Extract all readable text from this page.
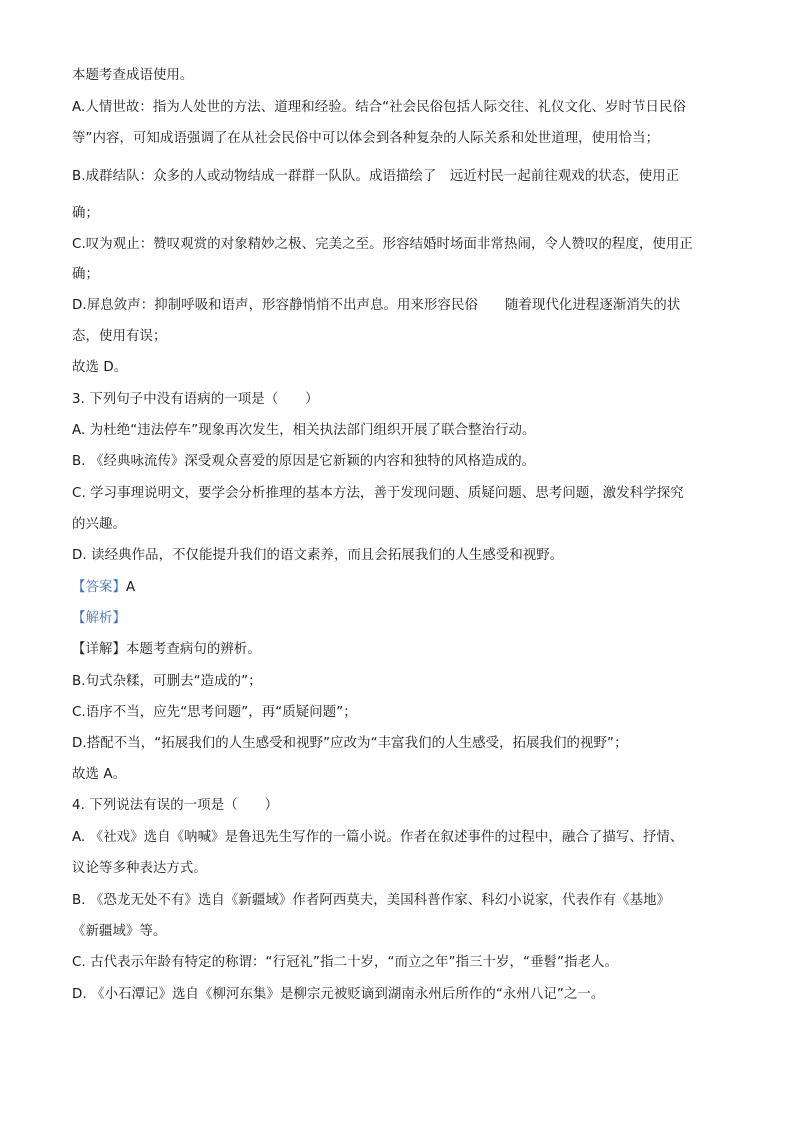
本题考查成语使用。
A.人情世故：指为人处世的方法、道理和经验。结合“社会民俗包括人际交往、礼仪文化、岁时节日民俗
等”内容，可知成语强调了在从社会民俗中可以体会到各种复杂的人际关系和处世道理，使用恰当；
B.成群结队：众多的人或动物结成一群群一队队。成语描绘了　远近村民一起前往观戏的状态，使用正
确；
C.叹为观止：赞叹观赏的对象精妙之极、完美之至。形容结婚时场面非常热闹，令人赞叹的程度，使用正
确；
D.屏息敛声：抑制呼吸和语声，形容静悄悄不出声息。用来形容民俗　　随着现代化进程逐渐消失的状
态，使用有误；
故选 D。
3. 下列句子中没有语病的一项是（　　）
A. 为杜绝“违法停车”现象再次发生，相关执法部门组织开展了联合整治行动。
B. 《经典咏流传》深受观众喜爱的原因是它新颖的内容和独特的风格造成的。
C. 学习事理说明文，要学会分析推理的基本方法，善于发现问题、质疑问题、思考问题，激发科学探究
的兴趣。
D. 读经典作品，不仅能提升我们的语文素养，而且会拓展我们的人生感受和视野。
【答案】A
【解析】
【详解】本题考查病句的辨析。
B.句式杂糅，可删去“造成的”；
C.语序不当，应先“思考问题”，再“质疑问题”；
D.搭配不当，“拓展我们的人生感受和视野”应改为“丰富我们的人生感受，拓展我们的视野”；
故选 A。
4. 下列说法有误的一项是（　　）
A. 《社戏》选自《呐喊》是鲁迅先生写作的一篇小说。作者在叙述事件的过程中，融合了描写、抒情、
议论等多种表达方式。
B. 《恐龙无处不有》选自《新疆域》作者阿西莫夫，美国科普作家、科幻小说家，代表作有《基地》
《新疆域》等。
C. 古代表示年龄有特定的称谓：“行冠礼”指二十岁，“而立之年”指三十岁，“垂髫”指老人。
D. 《小石潭记》选自《柳河东集》是柳宗元被贬谪到湖南永州后所作的“永州八记”之一。
